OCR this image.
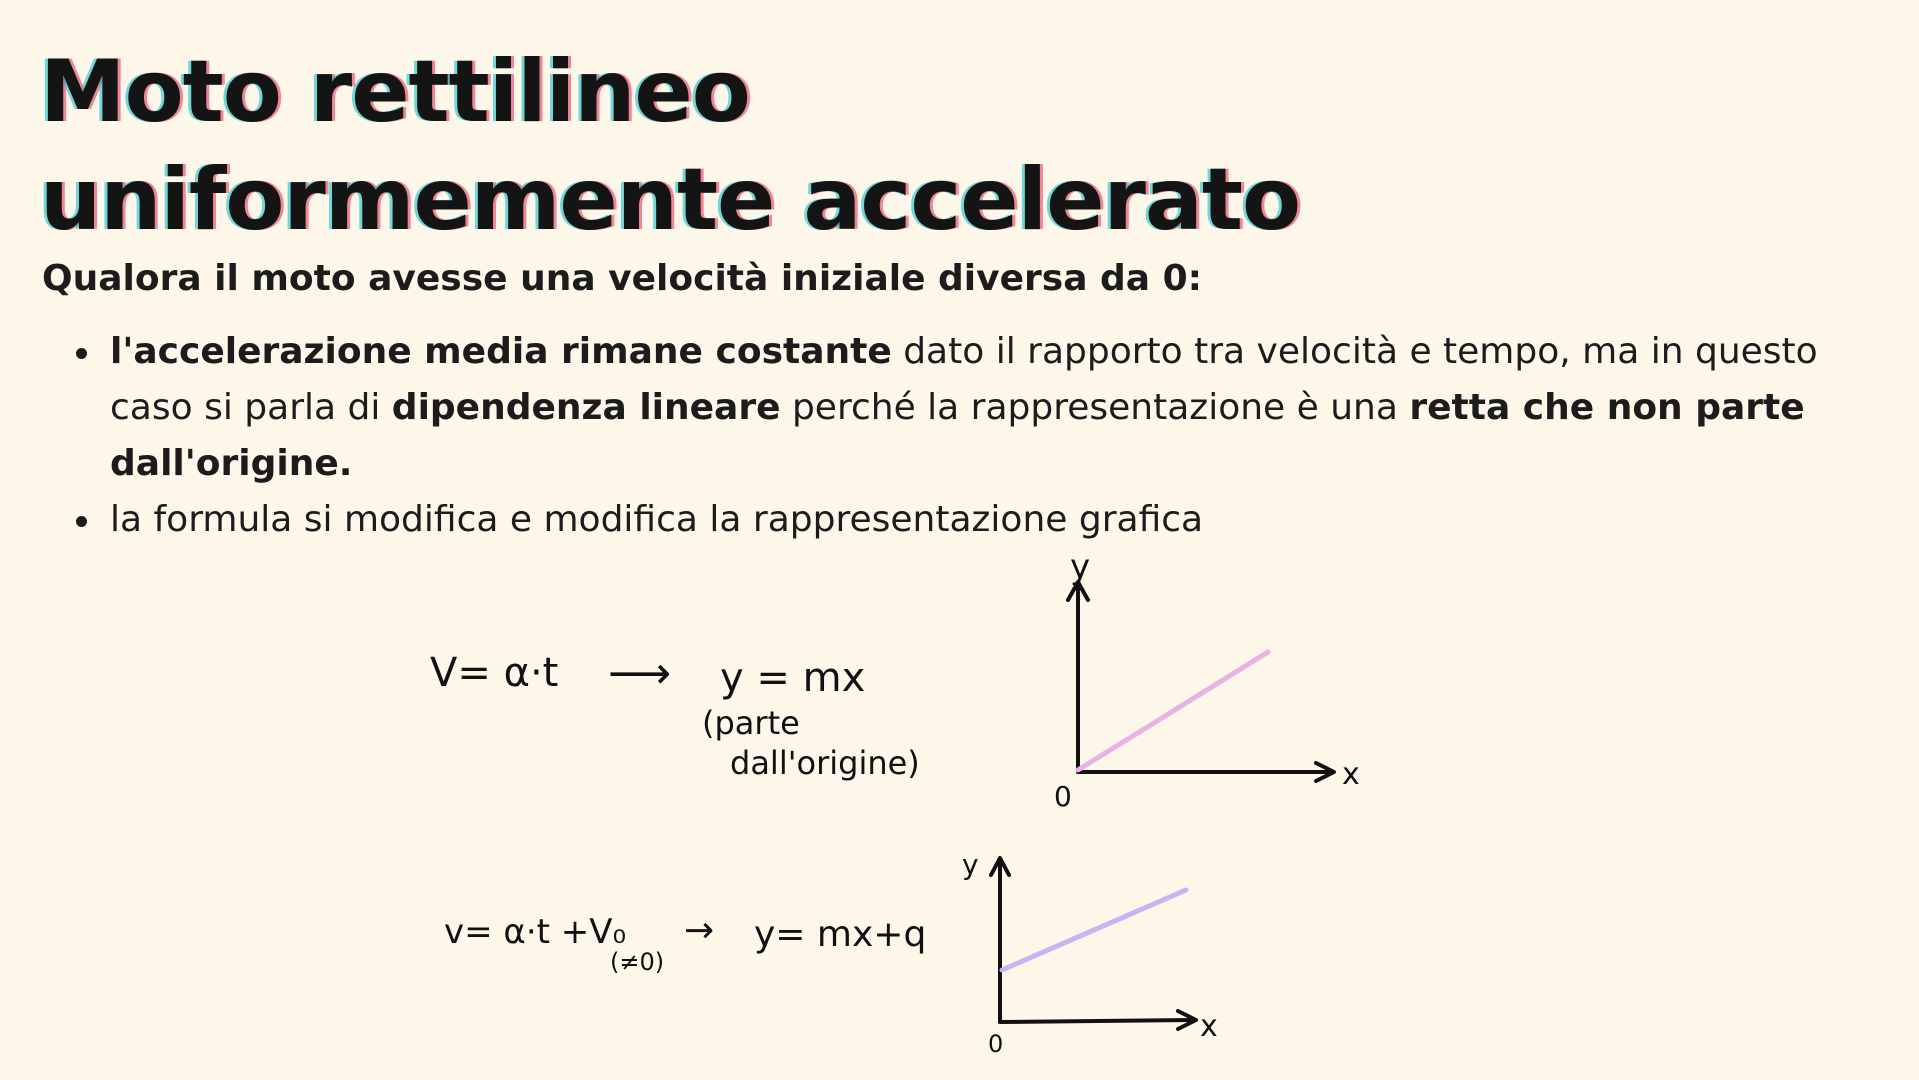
Moto rettilineo
uniformemente accelerato

Qualora il moto avesse una velocità iniziale diversa da 0:

l'accelerazione media rimane costante dato il rapporto tra velocità e tempo, ma in questo caso si parla di dipendenza lineare perché la rappresentazione è una retta che non parte dall'origine.
la formula si modifica e modifica la rappresentazione grafica
V= α·t ⟶ y = mx
(parte
dall'origine)
y
x
0
y
x
0
v= α·t +V₀
(≠0)
→ y= mx+q
